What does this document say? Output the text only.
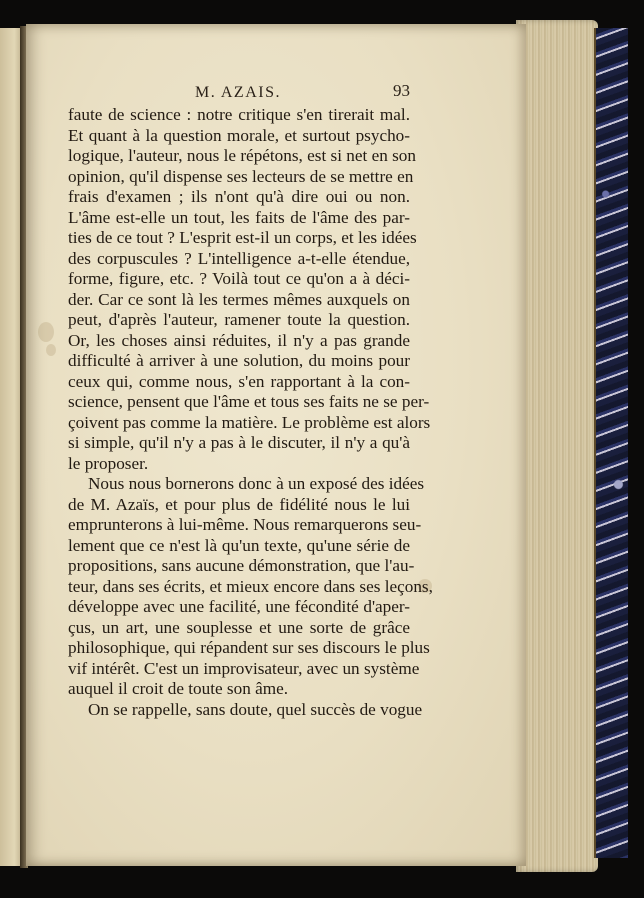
M. AZAIS.	93
faute de science : notre critique s'en tirerait mal.
Et quant à la question morale, et surtout psycho-
logique, l'auteur, nous le répétons, est si net en son
opinion, qu'il dispense ses lecteurs de se mettre en
frais d'examen ; ils n'ont qu'à dire oui ou non.
L'âme est-elle un tout, les faits de l'âme des par-
ties de ce tout ? L'esprit est-il un corps, et les idées
des corpuscules ? L'intelligence a-t-elle étendue,
forme, figure, etc. ? Voilà tout ce qu'on a à déci-
der. Car ce sont là les termes mêmes auxquels on
peut, d'après l'auteur, ramener toute la question.
Or, les choses ainsi réduites, il n'y a pas grande
difficulté à arriver à une solution, du moins pour
ceux qui, comme nous, s'en rapportant à la con-
science, pensent que l'âme et tous ses faits ne se per-
çoivent pas comme la matière. Le problème est alors
si simple, qu'il n'y a pas à le discuter, il n'y a qu'à
le proposer.
Nous nous bornerons donc à un exposé des idées
de M. Azaïs, et pour plus de fidélité nous le lui
emprunterons à lui-même. Nous remarquerons seu-
lement que ce n'est là qu'un texte, qu'une série de
propositions, sans aucune démonstration, que l'au-
teur, dans ses écrits, et mieux encore dans ses leçons,
développe avec une facilité, une fécondité d'aper-
çus, un art, une souplesse et une sorte de grâce
philosophique, qui répandent sur ses discours le plus
vif intérêt. C'est un improvisateur, avec un système
auquel il croit de toute son âme.
On se rappelle, sans doute, quel succès de vogue
